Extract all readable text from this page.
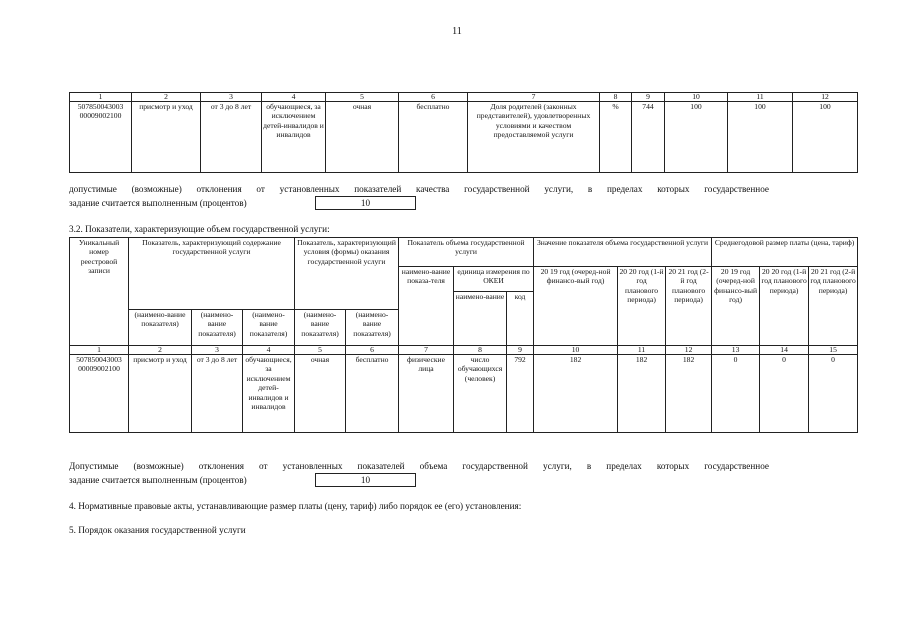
11
1	2	3	4	5	6	7	8	9	10	11	12
507850043003 00009002100	присмотр и уход	от 3 до 8 лет	обучающиеся, за исключением детей-инвалидов и инвалидов	очная	бесплатно	Доля родителей (законных представителей), удовлетворенных условиями и качеством предоставляемой услуги	%	744	100	100	100
допустимые (возможные) отклонения от установленных показателей качества государственной услуги, в пределах которых государственное
задание считается выполненным (процентов)	10
3.2. Показатели, характеризующие объем государственной услуги:
Уникальный номер реестровой записи	Показатель, характеризующий содержание государственной услуги			Показатель, характеризующий условия (формы) оказания государственной услуги		Показатель объема государственной услуги			Значение показателя объема государственной услуги			Среднегодовой размер платы (цена, тариф)		
						наимено-вание показа-теля	единица измерения по ОКЕИ		20 19 год (очеред-ной финансо-вый год)	20 20 год (1-й год планового периода)	20 21 год (2-й год планового периода)	20 19 год (очеред-ной финансо-вый год)	20 20 год (1-й год планового периода)	20 21 год (2-й год планового периода)
							наимено-вание	код						
	(наимено-вание показателя)	(наимено-вание показателя)	(наимено-вание показателя)	(наимено-вание показателя)	(наимено-вание показателя)									
1	2	3	4	5	6	7	8	9	10	11	12	13	14	15
507850043003 00009002100	присмотр и уход	от 3 до 8 лет	обучающиеся, за исключением детей-инвалидов и инвалидов	очная	бесплатно	физические лица	число обучающихся (человек)	792	182	182	182	0	0	0
Допустимые (возможные) отклонения от установленных показателей объема государственной услуги, в пределах которых государственное
задание считается выполненным (процентов)	10
4. Нормативные правовые акты, устанавливающие размер платы (цену, тариф) либо порядок ее (его) установления:
5. Порядок оказания государственной услуги
